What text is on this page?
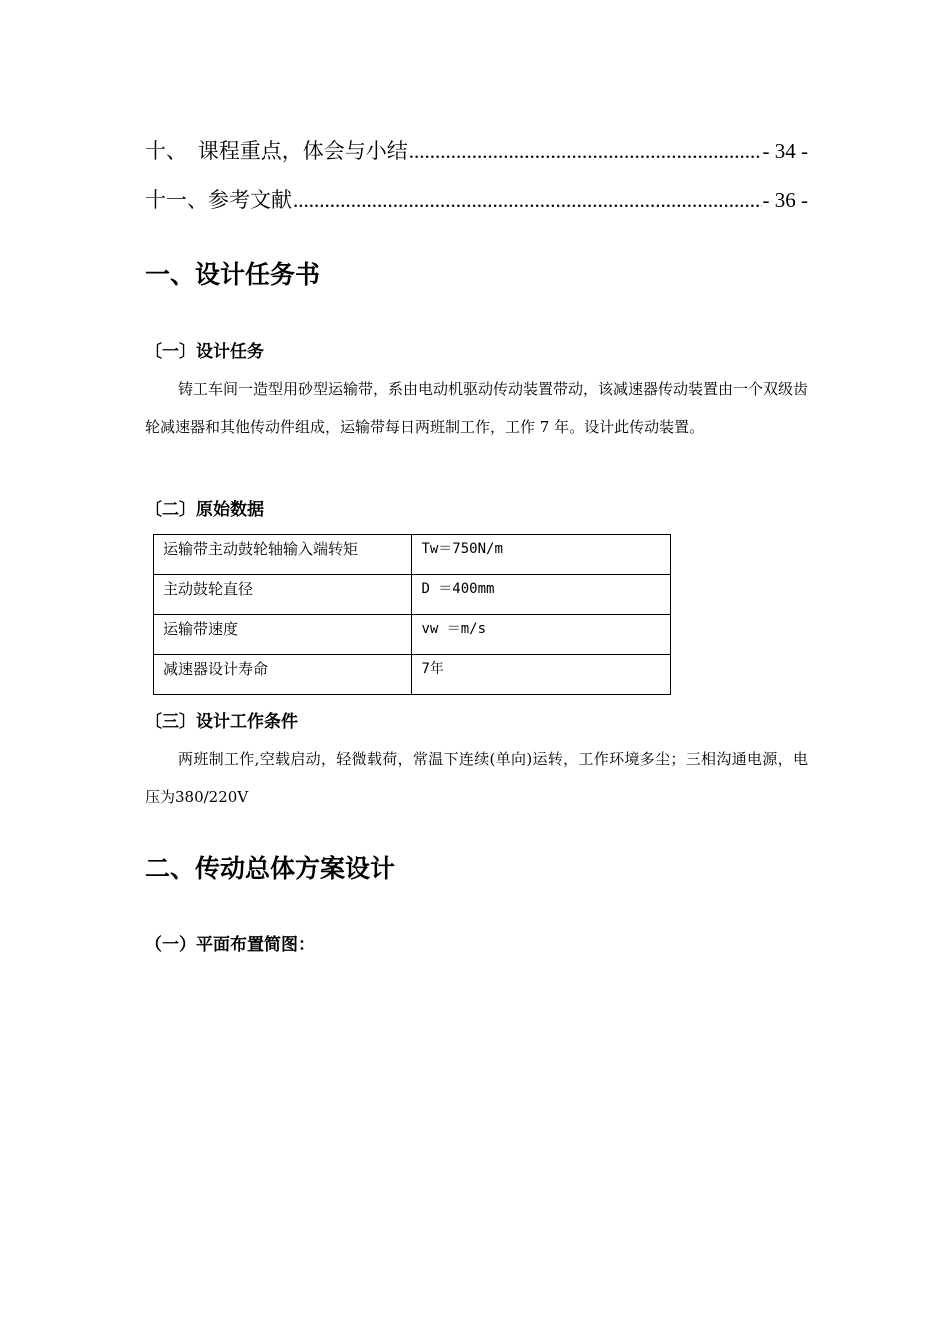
十、 课程重点，体会与小结 .....	- 34 -
十一、 参考文献 .....	- 36 -
一、设计任务书
〔一〕设计任务
铸工车间一造型用砂型运输带，系由电动机驱动传动装置带动，该减速器传动装置由一个双级齿轮减速器和其他传动件组成，运输带每日两班制工作，工作 7 年。设计此传动装置。
〔二〕原始数据
运输带主动鼓轮轴输入端转矩	Tw＝750N/m
主动鼓轮直径	D ＝400mm
运输带速度	vw ＝m/s
减速器设计寿命	7年
〔三〕设计工作条件
两班制工作,空载启动，轻微载荷，常温下连续(单向)运转，工作环境多尘；三相沟通电源，电压为380/220V
二、传动总体方案设计
（一）平面布置简图：
